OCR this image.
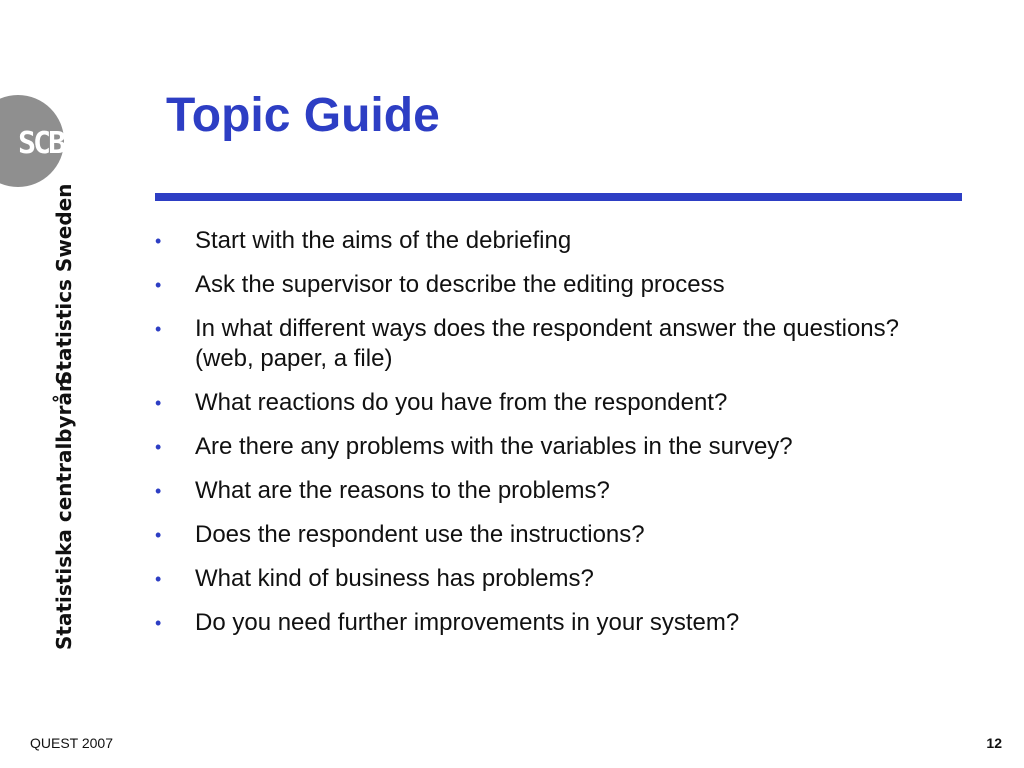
SCB
Statistics Sweden
Statistiska centralbyrån
Topic Guide
• Start with the aims of the debriefing
• Ask the supervisor to describe the editing process
• In what different ways does the respondent answer the questions? (web, paper, a file)
• What reactions do you have from the respondent?
• Are there any problems with the variables in the survey?
• What are the reasons to the problems?
• Does the respondent use the instructions?
• What kind of business has problems?
• Do you need further improvements in your system?
QUEST 2007	12
